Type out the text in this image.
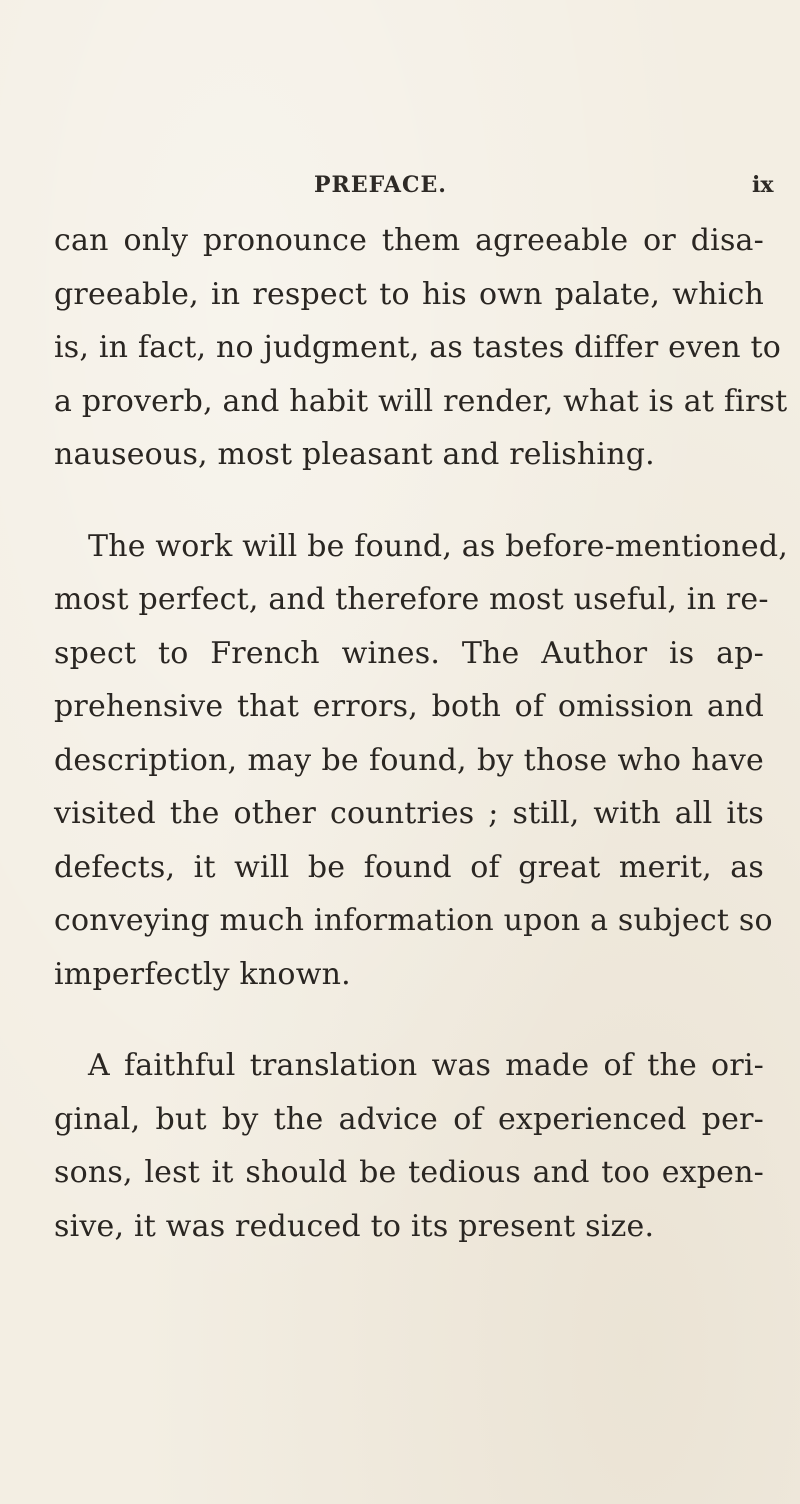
PREFACE.	ix
can only pronounce them agreeable or disa-
greeable, in respect to his own palate, which
is, in fact, no judgment, as tastes differ even to
a proverb, and habit will render, what is at first
nauseous, most pleasant and relishing.
The work will be found, as before-mentioned,
most perfect, and therefore most useful, in re-
spect to French wines. The Author is ap-
prehensive that errors, both of omission and
description, may be found, by those who have
visited the other countries ; still, with all its
defects, it will be found of great merit, as
conveying much information upon a subject so
imperfectly known.
A faithful translation was made of the ori-
ginal, but by the advice of experienced per-
sons, lest it should be tedious and too expen-
sive, it was reduced to its present size.
